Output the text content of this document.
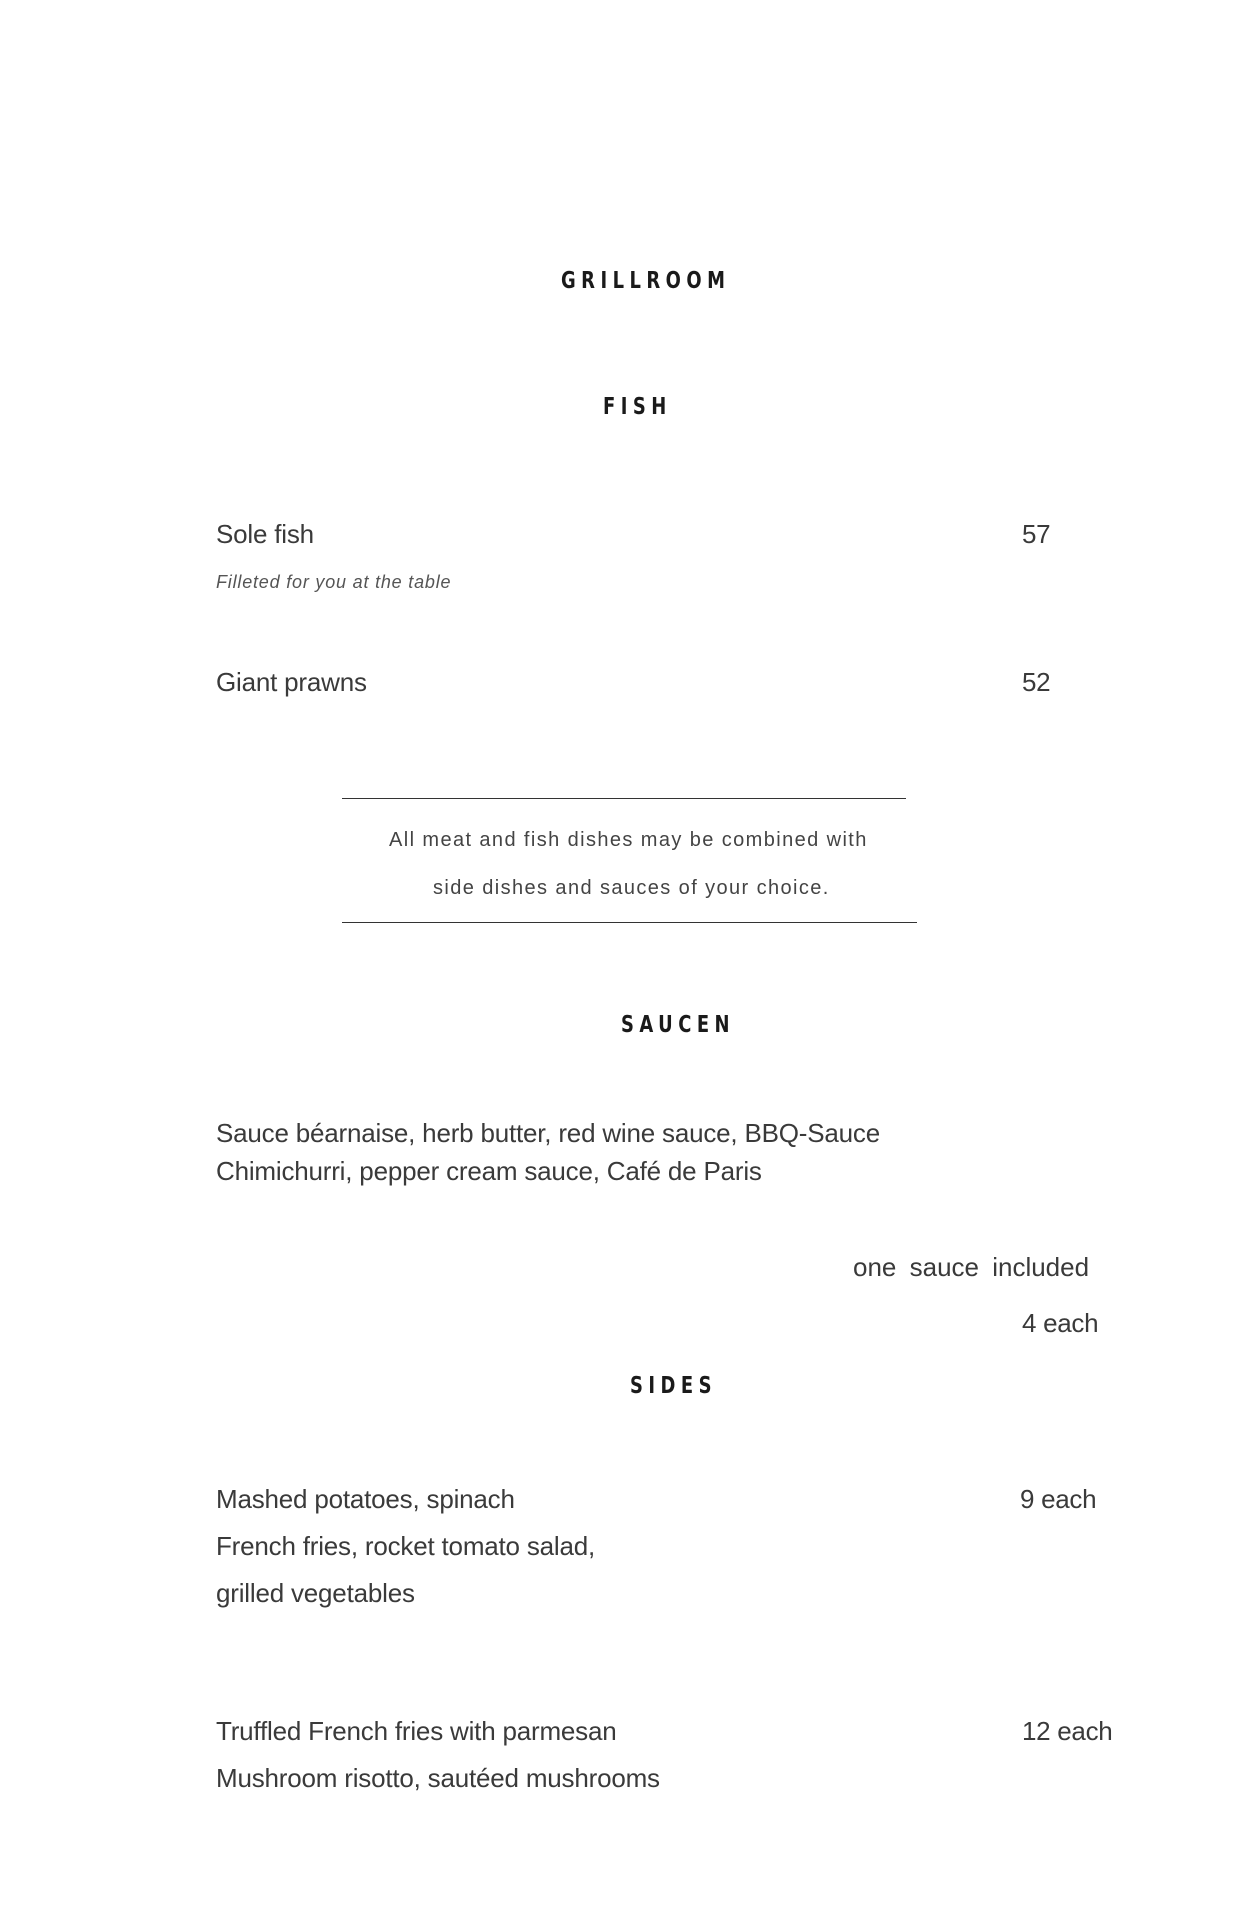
GRILLROOM
FISH
Sole fish	57
Filleted for you at the table
Giant prawns	52
All meat and fish dishes may be combined with
side dishes and sauces of your choice.
SAUCEN
Sauce béarnaise, herb butter, red wine sauce, BBQ-Sauce
Chimichurri, pepper cream sauce, Café de Paris
one sauce included
4 each
SIDES
Mashed potatoes, spinach
French fries, rocket tomato salad,
grilled vegetables
9 each
Truffled French fries with parmesan
Mushroom risotto, sautéed mushrooms
12 each
